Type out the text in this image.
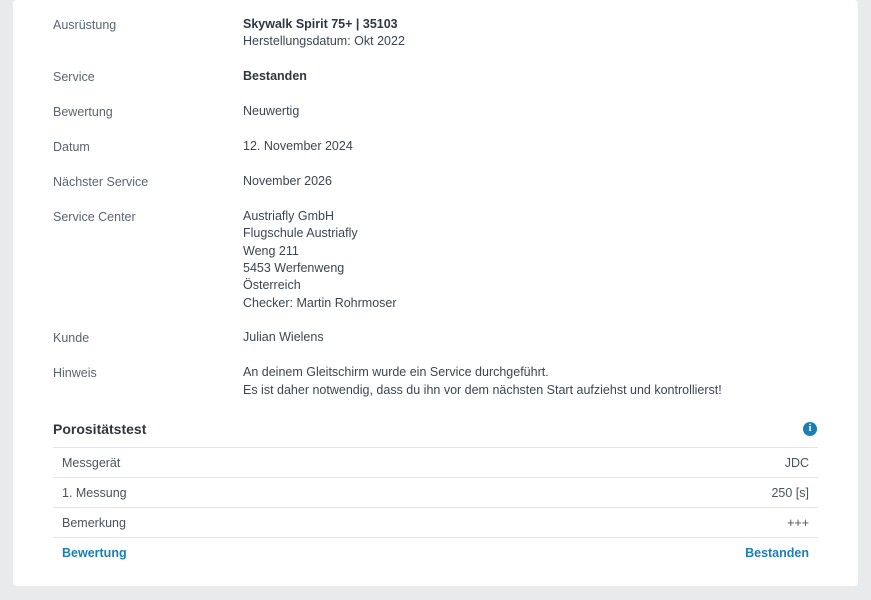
Ausrüstung	Skywalk Spirit 75+ | 35103
Herstellungsdatum: Okt 2022
Service	Bestanden
Bewertung	Neuwertig
Datum	12. November 2024
Nächster Service	November 2026
Service Center	Austriafly GmbH
Flugschule Austriafly
Weng 211
5453 Werfenweng
Österreich
Checker: Martin Rohrmoser
Kunde	Julian Wielens
Hinweis	An deinem Gleitschirm wurde ein Service durchgeführt.
Es ist daher notwendig, dass du ihn vor dem nächsten Start aufziehst und kontrollierst!
Porositätstest	i
Messgerät	JDC
1. Messung	250 [s]
Bemerkung	+++
Bewertung	Bestanden
